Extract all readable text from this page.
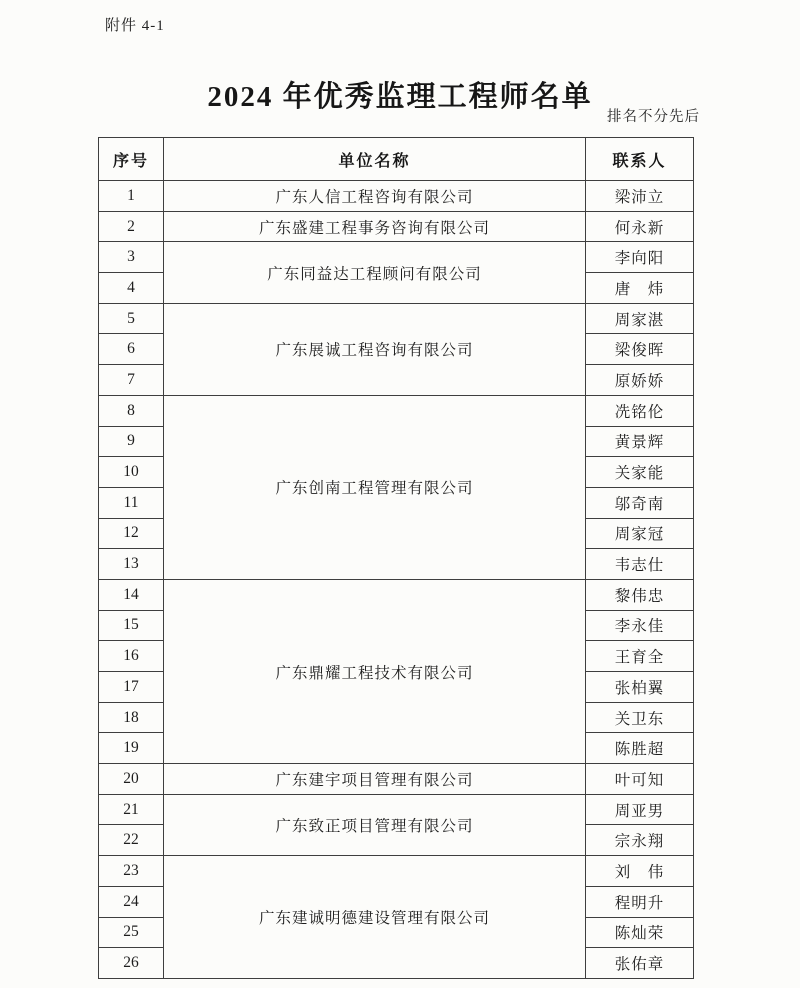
附件 4-1
2024 年优秀监理工程师名单
排名不分先后
序号	单位名称	联系人
1	广东人信工程咨询有限公司	梁沛立
2	广东盛建工程事务咨询有限公司	何永新
3	广东同益达工程顾问有限公司	李向阳
4		唐　炜
5	广东展诚工程咨询有限公司	周家湛
6		梁俊晖
7		原娇娇
8	广东创南工程管理有限公司	冼铭伦
9		黄景辉
10		关家能
11		邬奇南
12		周家冠
13		韦志仕
14	广东鼎耀工程技术有限公司	黎伟忠
15		李永佳
16		王育全
17		张柏翼
18		关卫东
19		陈胜超
20	广东建宇项目管理有限公司	叶可知
21	广东致正项目管理有限公司	周亚男
22		宗永翔
23	广东建诚明德建设管理有限公司	刘　伟
24		程明升
25		陈灿荣
26		张佑章
